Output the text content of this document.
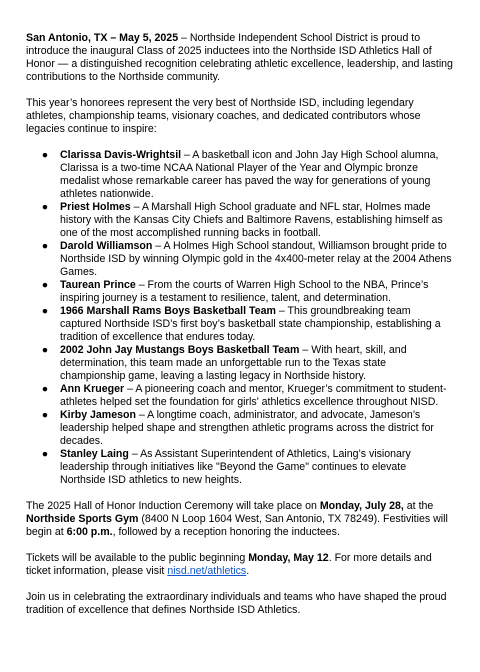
San Antonio, TX – May 5, 2025 – Northside Independent School District is proud to introduce the inaugural Class of 2025 inductees into the Northside ISD Athletics Hall of Honor — a distinguished recognition celebrating athletic excellence, leadership, and lasting contributions to the Northside community.

This year’s honorees represent the very best of Northside ISD, including legendary athletes, championship teams, visionary coaches, and dedicated contributors whose legacies continue to inspire:

● Clarissa Davis-Wrightsil – A basketball icon and John Jay High School alumna, Clarissa is a two-time NCAA National Player of the Year and Olympic bronze medalist whose remarkable career has paved the way for generations of young athletes nationwide.
● Priest Holmes – A Marshall High School graduate and NFL star, Holmes made history with the Kansas City Chiefs and Baltimore Ravens, establishing himself as one of the most accomplished running backs in football.
● Darold Williamson – A Holmes High School standout, Williamson brought pride to Northside ISD by winning Olympic gold in the 4x400-meter relay at the 2004 Athens Games.
● Taurean Prince – From the courts of Warren High School to the NBA, Prince’s inspiring journey is a testament to resilience, talent, and determination.
● 1966 Marshall Rams Boys Basketball Team – This groundbreaking team captured Northside ISD’s first boy’s basketball state championship, establishing a tradition of excellence that endures today.
● 2002 John Jay Mustangs Boys Basketball Team – With heart, skill, and determination, this team made an unforgettable run to the Texas state championship game, leaving a lasting legacy in Northside history.
● Ann Krueger – A pioneering coach and mentor, Krueger’s commitment to student-athletes helped set the foundation for girls' athletics excellence throughout NISD.
● Kirby Jameson – A longtime coach, administrator, and advocate, Jameson’s leadership helped shape and strengthen athletic programs across the district for decades.
● Stanley Laing – As Assistant Superintendent of Athletics, Laing’s visionary leadership through initiatives like "Beyond the Game" continues to elevate Northside ISD athletics to new heights.

The 2025 Hall of Honor Induction Ceremony will take place on Monday, July 28, at the Northside Sports Gym (8400 N Loop 1604 West, San Antonio, TX 78249). Festivities will begin at 6:00 p.m., followed by a reception honoring the inductees.

Tickets will be available to the public beginning Monday, May 12. For more details and ticket information, please visit nisd.net/athletics.

Join us in celebrating the extraordinary individuals and teams who have shaped the proud tradition of excellence that defines Northside ISD Athletics.
